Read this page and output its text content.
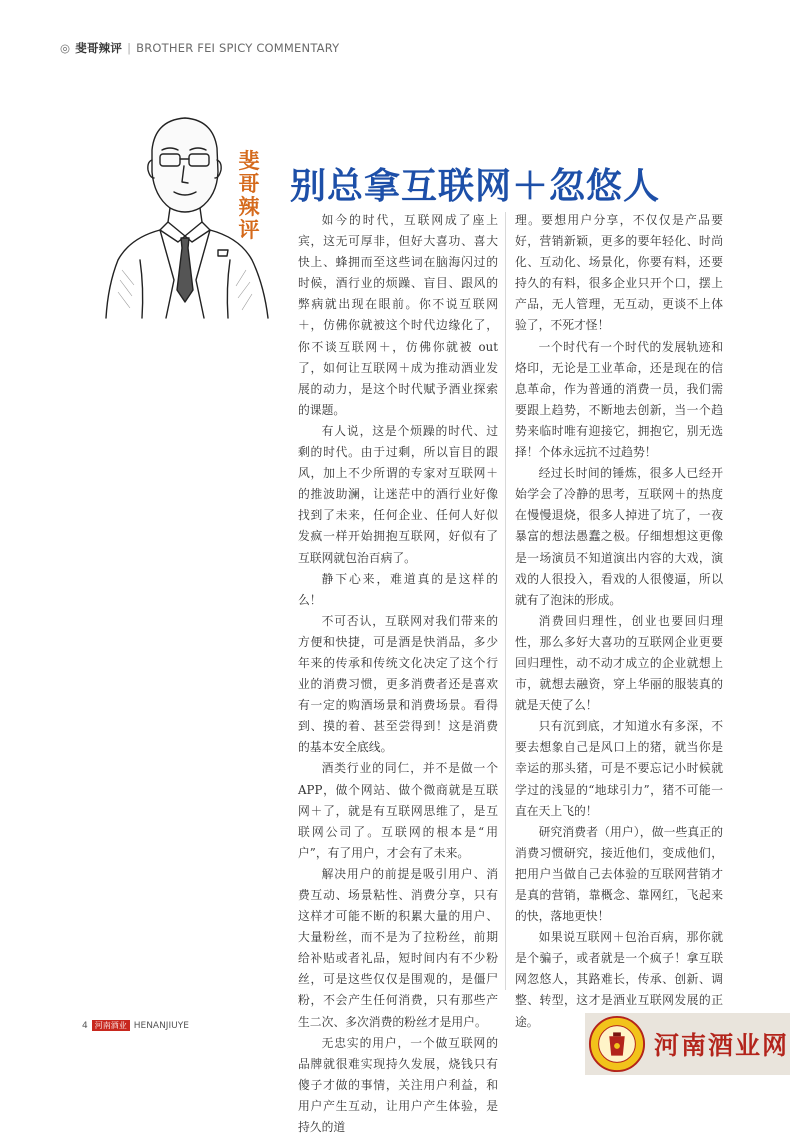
◎ 斐哥辣评 | BROTHER FEI SPICY COMMENTARY
斐
哥
辣
评
别总拿互联网＋忽悠人

如今的时代，互联网成了座上宾，这无可厚非，但好大喜功、喜大快上、蜂拥而至这些词在脑海闪过的时候，酒行业的烦躁、盲目、跟风的弊病就出现在眼前。你不说互联网＋，仿佛你就被这个时代边缘化了，你不谈互联网＋，仿佛你就被 out 了，如何让互联网＋成为推动酒业发展的动力，是这个时代赋予酒业探索的课题。

有人说，这是个烦躁的时代、过剩的时代。由于过剩，所以盲目的跟风，加上不少所谓的专家对互联网＋的推波助澜，让迷茫中的酒行业好像找到了未来，任何企业、任何人好似发疯一样开始拥抱互联网，好似有了互联网就包治百病了。

静下心来，难道真的是这样的么！

不可否认，互联网对我们带来的方便和快捷，可是酒是快消品，多少年来的传承和传统文化决定了这个行业的消费习惯，更多消费者还是喜欢有一定的购酒场景和消费场景。看得到、摸的着、甚至尝得到！这是消费的基本安全底线。

酒类行业的同仁，并不是做一个APP，做个网站、做个微商就是互联网＋了，就是有互联网思维了，是互联网公司了。互联网的根本是“用户”，有了用户，才会有了未来。

解决用户的前提是吸引用户、消费互动、场景粘性、消费分享，只有这样才可能不断的积累大量的用户、大量粉丝，而不是为了拉粉丝，前期给补贴或者礼品，短时间内有不少粉丝，可是这些仅仅是围观的，是僵尸粉，不会产生任何消费，只有那些产生二次、多次消费的粉丝才是用户。

无忠实的用户，一个做互联网的品牌就很难实现持久发展，烧钱只有傻子才做的事情，关注用户利益，和用户产生互动，让用户产生体验，是持久的道

理。要想用户分享，不仅仅是产品要好，营销新颖，更多的要年轻化、时尚化、互动化、场景化，你要有料，还要持久的有料，很多企业只开个口，摆上产品，无人管理，无互动，更谈不上体验了，不死才怪！

一个时代有一个时代的发展轨迹和烙印，无论是工业革命，还是现在的信息革命，作为普通的消费一员，我们需要跟上趋势，不断地去创新，当一个趋势来临时唯有迎接它，拥抱它，别无选择！个体永远抗不过趋势！

经过长时间的锤炼，很多人已经开始学会了冷静的思考，互联网＋的热度在慢慢退烧，很多人掉进了坑了，一夜暴富的想法愚蠢之极。仔细想想这更像是一场演员不知道演出内容的大戏，演戏的人很投入，看戏的人很傻逼，所以就有了泡沫的形成。

消费回归理性，创业也要回归理性，那么多好大喜功的互联网企业更要回归理性，动不动才成立的企业就想上市，就想去融资，穿上华丽的服装真的就是天使了么！

只有沉到底，才知道水有多深，不要去想象自己是风口上的猪，就当你是幸运的那头猪，可是不要忘记小时候就学过的浅显的“地球引力”，猪不可能一直在天上飞的！

研究消费者（用户），做一些真正的消费习惯研究，接近他们，变成他们，把用户当做自己去体验的互联网营销才是真的营销，靠概念、靠网红，飞起来的快，落地更快！

如果说互联网＋包治百病，那你就是个骗子，或者就是一个疯子！拿互联网忽悠人，其路难长，传承、创新、调整、转型，这才是酒业互联网发展的正途。

4 河南酒业 HENANJIUYE
河南酒业网
